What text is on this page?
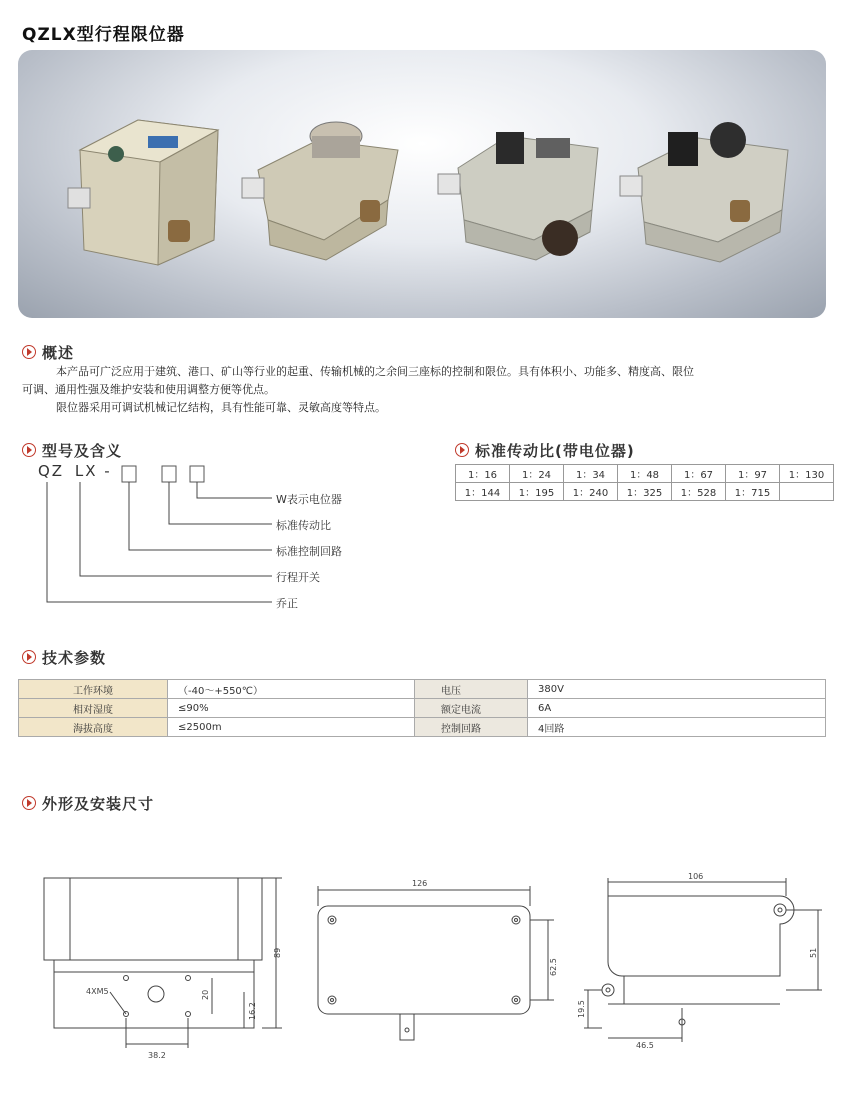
QZLX型行程限位器
概述
本产品可广泛应用于建筑、港口、矿山等行业的起重、传输机械的之余间三座标的控制和限位。具有体积小、功能多、精度高、限位
可调、通用性强及维护安装和使用调整方便等优点。
限位器采用可调试机械记忆结构，具有性能可靠、灵敏高度等特点。
型号及含义
QZ LX -
W表示电位器
标准传动比
标准控制回路
行程开关
乔正
标准传动比(带电位器)
1：16	1：24	1：34	1：48	1：67	1：97	1：130
1：144	1：195	1：240	1：325	1：528	1：715	
技术参数
工作环境	（-40～+550℃）	电压	380V
相对湿度	≤90%	额定电流	6A
海拔高度	≤2500m	控制回路	4回路
外形及安装尺寸
89
4XM5	20
16.2
38.2
126
62.5
106
51
19.5
46.5
